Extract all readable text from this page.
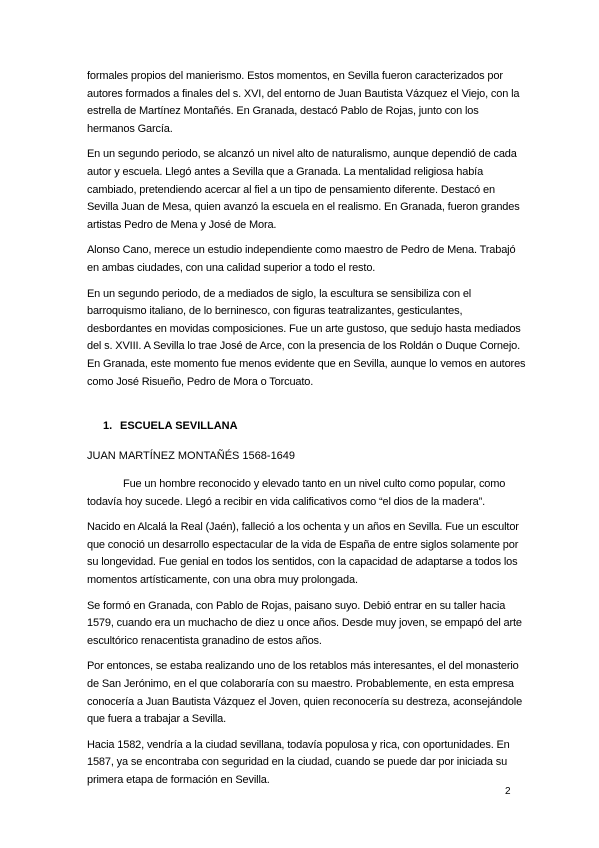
formales propios del manierismo. Estos momentos, en Sevilla fueron caracterizados por autores formados a finales del s. XVI, del entorno de Juan Bautista Vázquez el Viejo, con la estrella de Martínez Montañés. En Granada, destacó Pablo de Rojas, junto con los hermanos García.

En un segundo periodo, se alcanzó un nivel alto de naturalismo, aunque dependió de cada autor y escuela. Llegó antes a Sevilla que a Granada. La mentalidad religiosa había cambiado, pretendiendo acercar al fiel a un tipo de pensamiento diferente. Destacó en Sevilla Juan de Mesa, quien avanzó la escuela en el realismo. En Granada, fueron grandes artistas Pedro de Mena y José de Mora.

Alonso Cano, merece un estudio independiente como maestro de Pedro de Mena. Trabajó en ambas ciudades, con una calidad superior a todo el resto.

En un segundo periodo, de a mediados de siglo, la escultura se sensibiliza con el barroquismo italiano, de lo berninesco, con figuras teatralizantes, gesticulantes, desbordantes en movidas composiciones. Fue un arte gustoso, que sedujo hasta mediados del s. XVIII. A Sevilla lo trae José de Arce, con la presencia de los Roldán o Duque Cornejo. En Granada, este momento fue menos evidente que en Sevilla, aunque lo vemos en autores como José Risueño, Pedro de Mora o Torcuato.

1. ESCUELA SEVILLANA
JUAN MARTÍNEZ MONTAÑÉS 1568-1649

Fue un hombre reconocido y elevado tanto en un nivel culto como popular, como todavía hoy sucede. Llegó a recibir en vida calificativos como “el dios de la madera”.

Nacido en Alcalá la Real (Jaén), falleció a los ochenta y un años en Sevilla. Fue un escultor que conoció un desarrollo espectacular de la vida de España de entre siglos solamente por su longevidad. Fue genial en todos los sentidos, con la capacidad de adaptarse a todos los momentos artísticamente, con una obra muy prolongada.

Se formó en Granada, con Pablo de Rojas, paisano suyo. Debió entrar en su taller hacia 1579, cuando era un muchacho de diez u once años. Desde muy joven, se empapó del arte escultórico renacentista granadino de estos años.

Por entonces, se estaba realizando uno de los retablos más interesantes, el del monasterio de San Jerónimo, en el que colaboraría con su maestro. Probablemente, en esta empresa conocería a Juan Bautista Vázquez el Joven, quien reconocería su destreza, aconsejándole que fuera a trabajar a Sevilla.

Hacia 1582, vendría a la ciudad sevillana, todavía populosa y rica, con oportunidades. En 1587, ya se encontraba con seguridad en la ciudad, cuando se puede dar por iniciada su primera etapa de formación en Sevilla.

2
